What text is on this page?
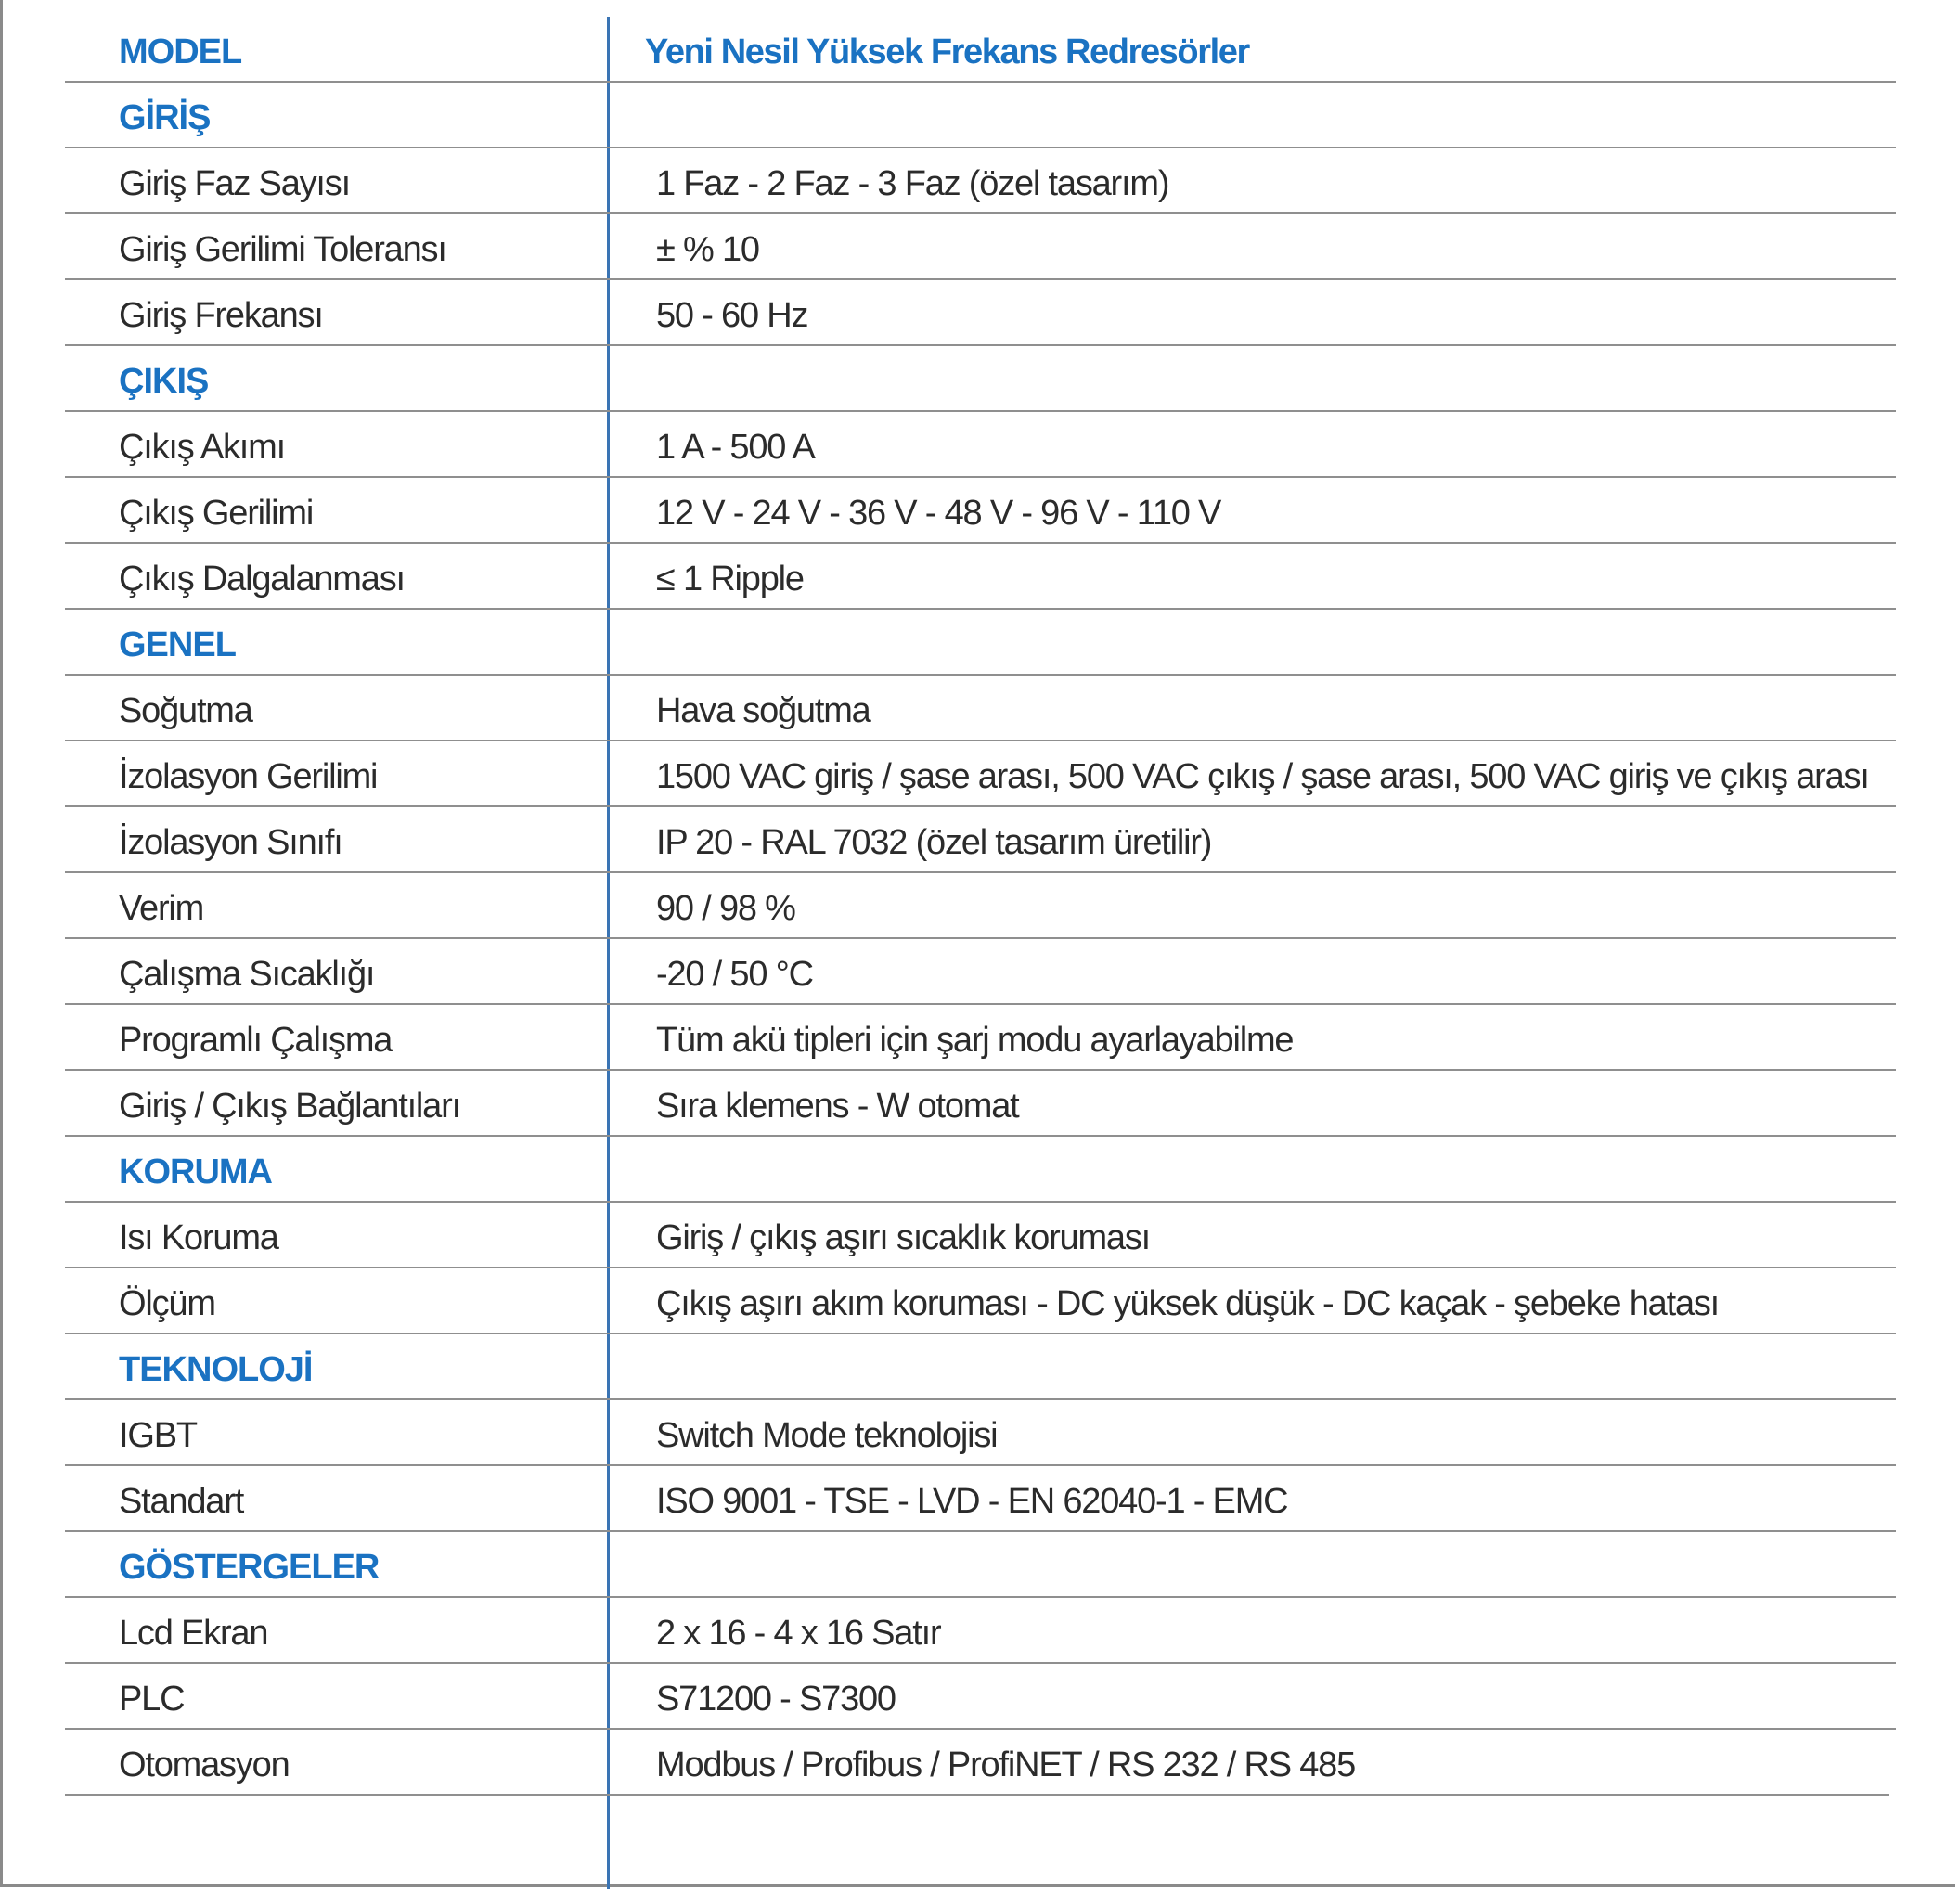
MODEL	Yeni Nesil Yüksek Frekans Redresörler
GİRİŞ
Giriş Faz Sayısı	1 Faz - 2 Faz - 3 Faz (özel tasarım)
Giriş Gerilimi Toleransı	± % 10
Giriş Frekansı	50 - 60 Hz
ÇIKIŞ
Çıkış Akımı	1 A - 500 A
Çıkış Gerilimi	12 V - 24 V - 36 V - 48 V - 96 V - 110 V
Çıkış Dalgalanması	≤ 1 Ripple
GENEL
Soğutma	Hava soğutma
İzolasyon Gerilimi	1500 VAC giriş / şase arası, 500 VAC çıkış / şase arası, 500 VAC giriş ve çıkış arası
İzolasyon Sınıfı	IP 20 - RAL 7032 (özel tasarım üretilir)
Verim	90 / 98 %
Çalışma Sıcaklığı	-20 / 50 °C
Programlı Çalışma	Tüm akü tipleri için şarj modu ayarlayabilme
Giriş / Çıkış Bağlantıları	Sıra klemens - W otomat
KORUMA
Isı Koruma	Giriş / çıkış aşırı sıcaklık koruması
Ölçüm	Çıkış aşırı akım koruması - DC yüksek düşük - DC kaçak - şebeke hatası
TEKNOLOJİ
IGBT	Switch Mode teknolojisi
Standart	ISO 9001 - TSE - LVD - EN 62040-1 - EMC
GÖSTERGELER
Lcd Ekran	2 x 16 - 4 x 16 Satır
PLC	S71200 - S7300
Otomasyon	Modbus / Profibus / ProfiNET / RS 232 / RS 485
